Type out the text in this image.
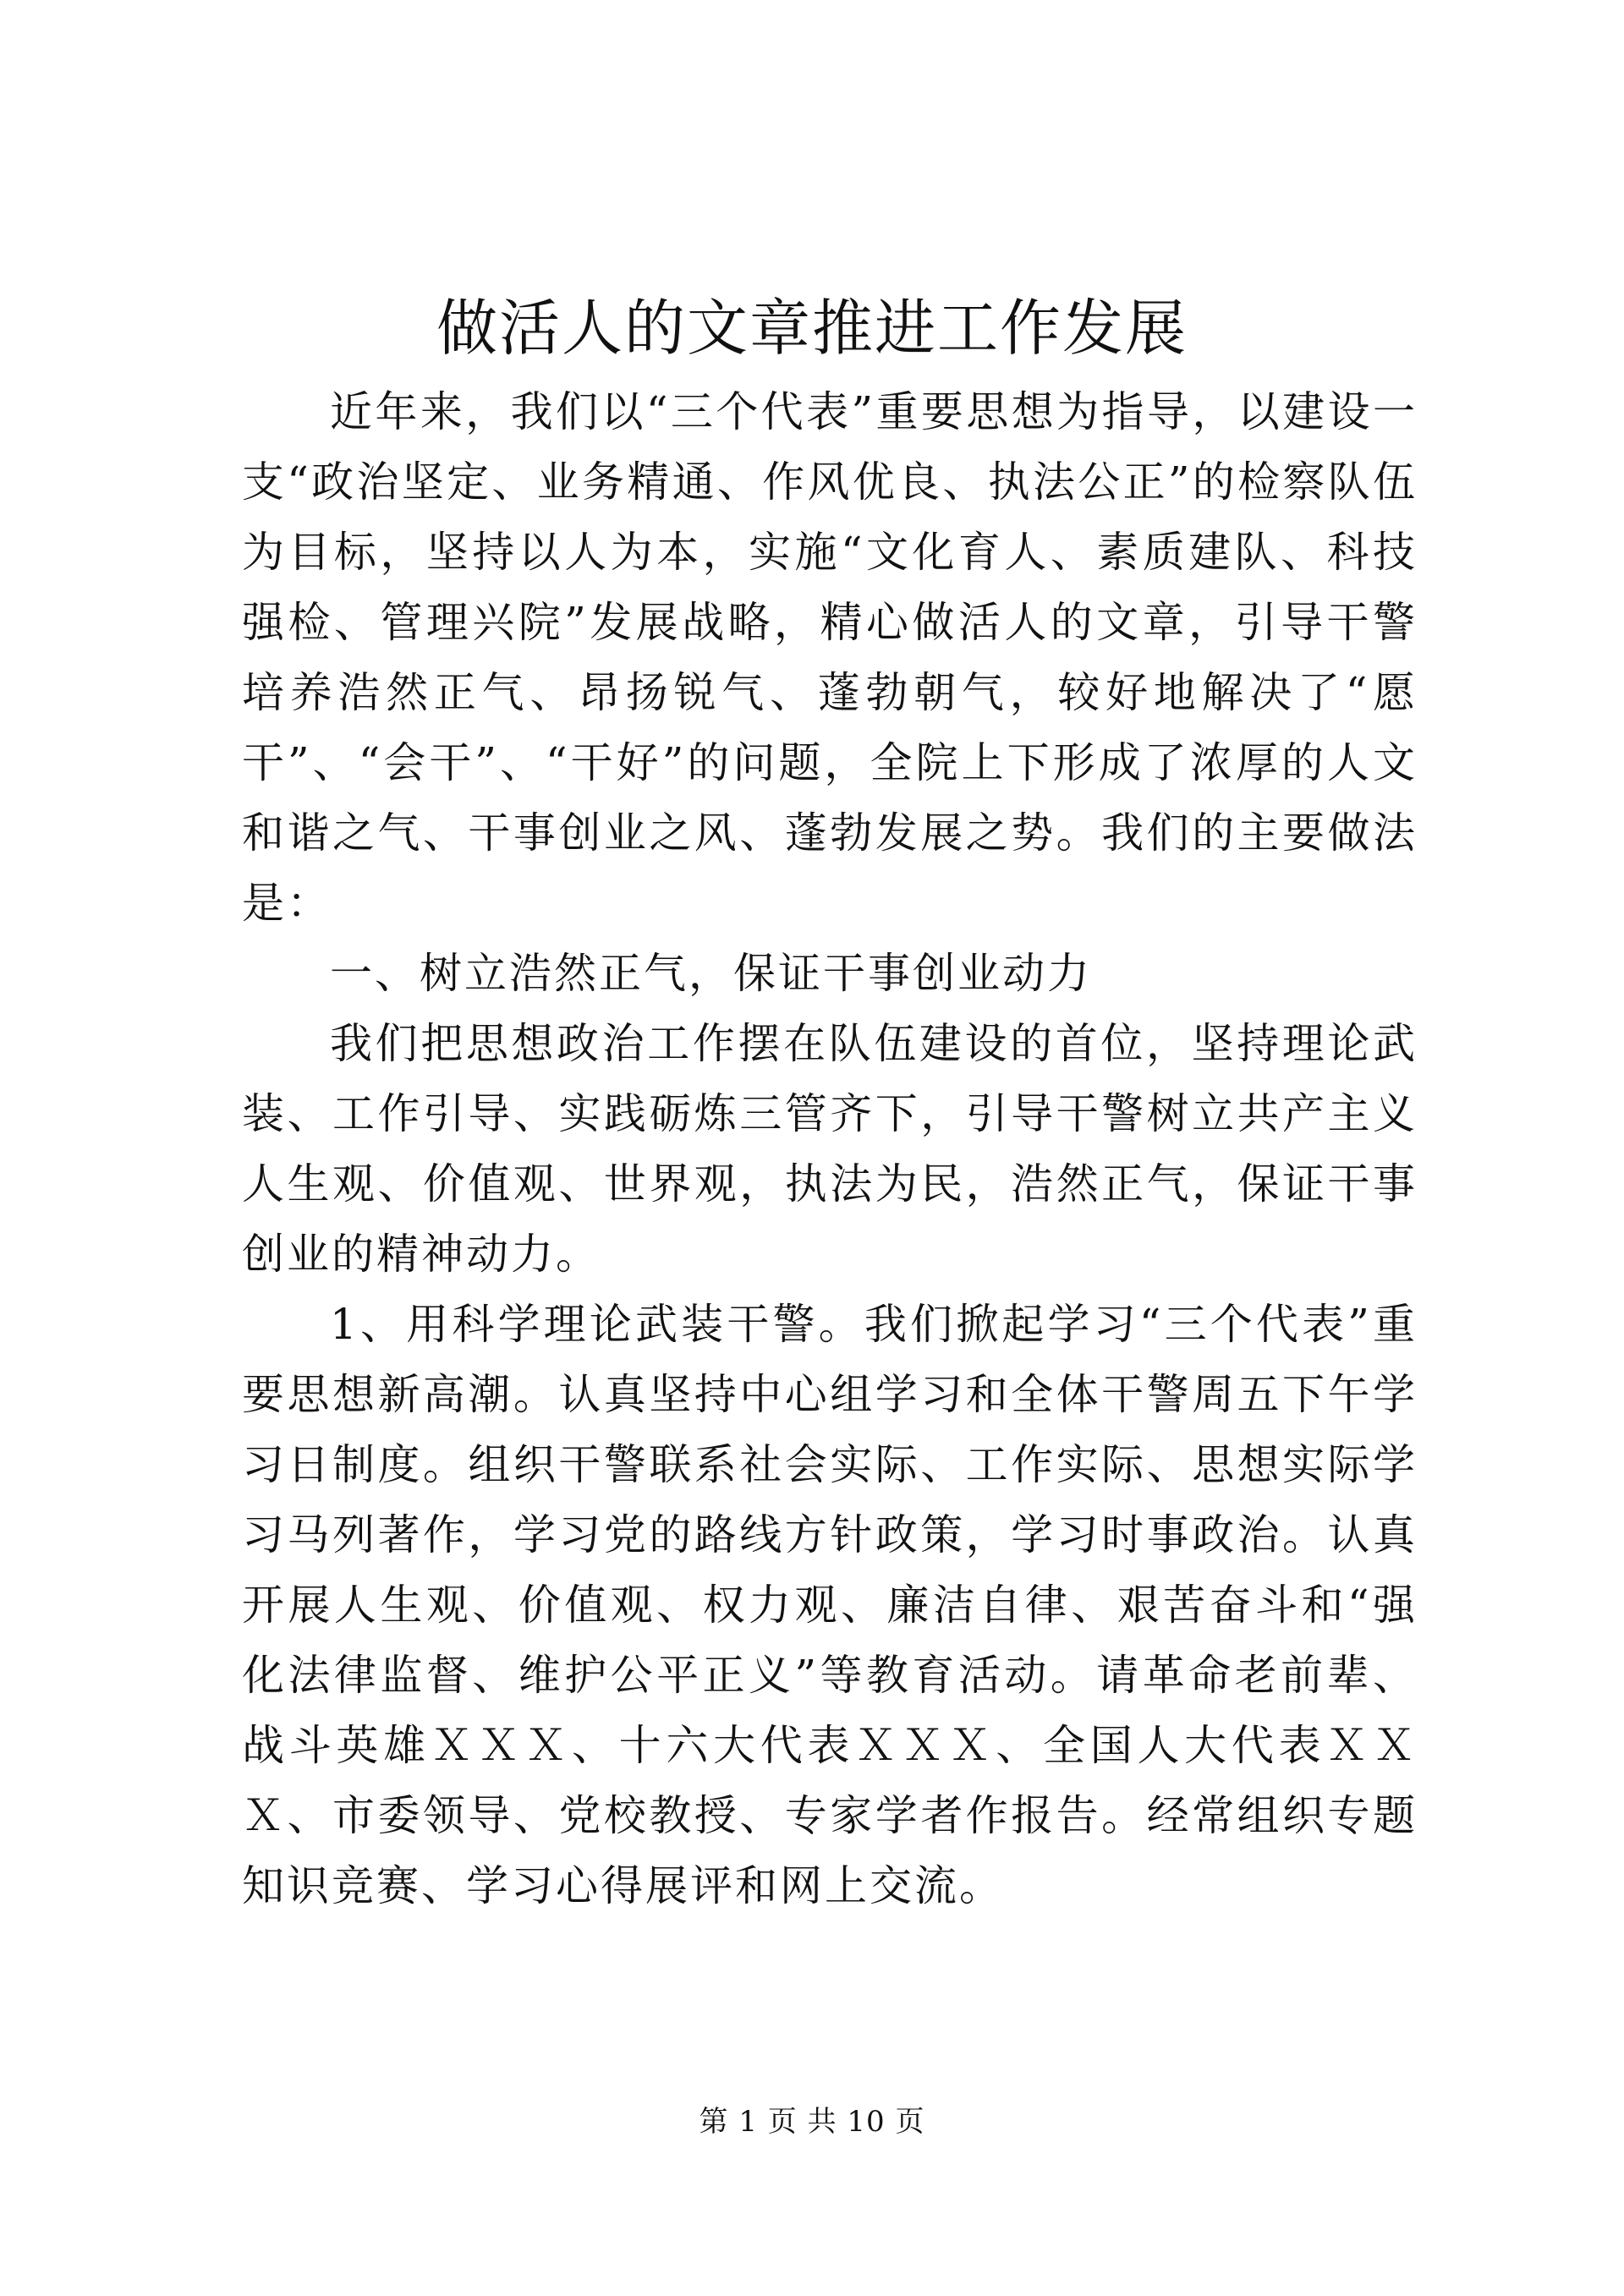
做活人的文章推进工作发展

近年来，我们以“三个代表”重要思想为指导，以建设一支“政治坚定、业务精通、作风优良、执法公正”的检察队伍为目标，坚持以人为本，实施“文化育人、素质建队、科技强检、管理兴院”发展战略，精心做活人的文章，引导干警培养浩然正气、昂扬锐气、蓬勃朝气，较好地解决了“愿干”、“会干”、“干好”的问题，全院上下形成了浓厚的人文和谐之气、干事创业之风、蓬勃发展之势。我们的主要做法是：

一、树立浩然正气，保证干事创业动力

我们把思想政治工作摆在队伍建设的首位，坚持理论武装、工作引导、实践砺炼三管齐下，引导干警树立共产主义人生观、价值观、世界观，执法为民，浩然正气，保证干事创业的精神动力。

1、用科学理论武装干警。我们掀起学习“三个代表”重要思想新高潮。认真坚持中心组学习和全体干警周五下午学习日制度。组织干警联系社会实际、工作实际、思想实际学习马列著作，学习党的路线方针政策，学习时事政治。认真开展人生观、价值观、权力观、廉洁自律、艰苦奋斗和“强化法律监督、维护公平正义”等教育活动。请革命老前辈、战斗英雄ＸＸＸ、十六大代表ＸＸＸ、全国人大代表ＸＸＸ、市委领导、党校教授、专家学者作报告。经常组织专题知识竞赛、学习心得展评和网上交流。

第 1 页 共 10 页
